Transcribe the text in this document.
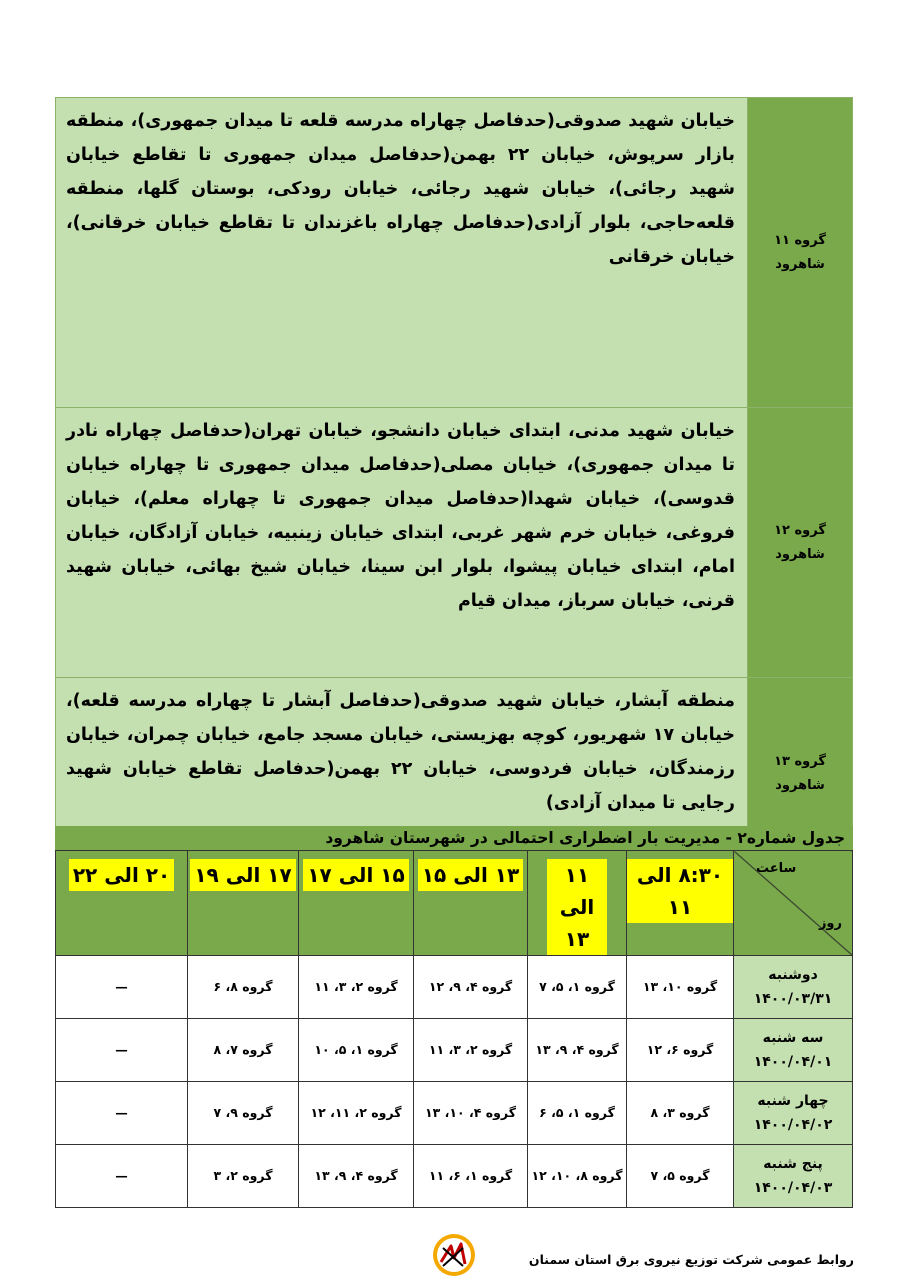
گروه ۱۱
شاهرود	خیابان شهید صدوقی(حدفاصل چهاراه مدرسه قلعه تا میدان جمهوری)، منطقه بازار سرپوش، خیابان ۲۲ بهمن(حدفاصل میدان جمهوری تا تقاطع خیابان شهید رجائی)، خیابان شهید رجائی، خیابان رودکی، بوستان گلها، منطقه قلعه‌حاجی، بلوار آزادی(حدفاصل چهاراه باغزندان تا تقاطع خیابان خرقانی)، خیابان خرقانی

گروه ۱۲
شاهرود	خیابان شهید مدنی، ابتدای خیابان دانشجو، خیابان تهران(حدفاصل چهاراه نادر تا میدان جمهوری)، خیابان مصلی(حدفاصل میدان جمهوری تا چهاراه خیابان قدوسی)، خیابان شهدا(حدفاصل میدان جمهوری تا چهاراه معلم)، خیابان فروغی، خیابان خرم شهر غربی، ابتدای خیابان زینبیه، خیابان آزادگان، خیابان امام، ابتدای خیابان پیشوا، بلوار ابن سینا، خیابان شیخ بهائی، خیابان شهید قرنی، خیابان سرباز، میدان قیام

گروه ۱۳
شاهرود	منطقه آبشار، خیابان شهید صدوقی(حدفاصل آبشار تا چهاراه مدرسه قلعه)، خیابان ۱۷ شهریور، کوچه بهزیستی، خیابان مسجد جامع، خیابان چمران، خیابان رزمندگان، خیابان فردوسی، خیابان ۲۲ بهمن(حدفاصل تقاطع خیابان شهید رجایی تا میدان آزادی)
جدول شماره۲ - مدیریت بار اضطراری احتمالی در شهرستان شاهرود
ساعت
روز	۸:۳۰ الی ۱۱	۱۱ الی ۱۳	۱۳ الی ۱۵	۱۵ الی ۱۷	۱۷ الی ۱۹	۲۰ الی ۲۲

دوشنبه
۱۴۰۰/۰۳/۳۱	گروه ۱۰، ۱۳	گروه ۱، ۵، ۷	گروه ۴، ۹، ۱۲	گروه ۲، ۳، ۱۱	گروه ۸، ۶	—

سه شنبه
۱۴۰۰/۰۴/۰۱	گروه ۶، ۱۲	گروه ۴، ۹، ۱۳	گروه ۲، ۳، ۱۱	گروه ۱، ۵، ۱۰	گروه ۷، ۸	—

چهار شنبه
۱۴۰۰/۰۴/۰۲	گروه ۳، ۸	گروه ۱، ۵، ۶	گروه ۴، ۱۰، ۱۳	گروه ۲، ۱۱، ۱۲	گروه ۹، ۷	—

پنج شنبه
۱۴۰۰/۰۴/۰۳	گروه ۵، ۷	گروه ۸، ۱۰، ۱۲	گروه ۱، ۶، ۱۱	گروه ۴، ۹، ۱۳	گروه ۲، ۳	—
روابط عمومی شرکت توزیع نیروی برق استان سمنان
